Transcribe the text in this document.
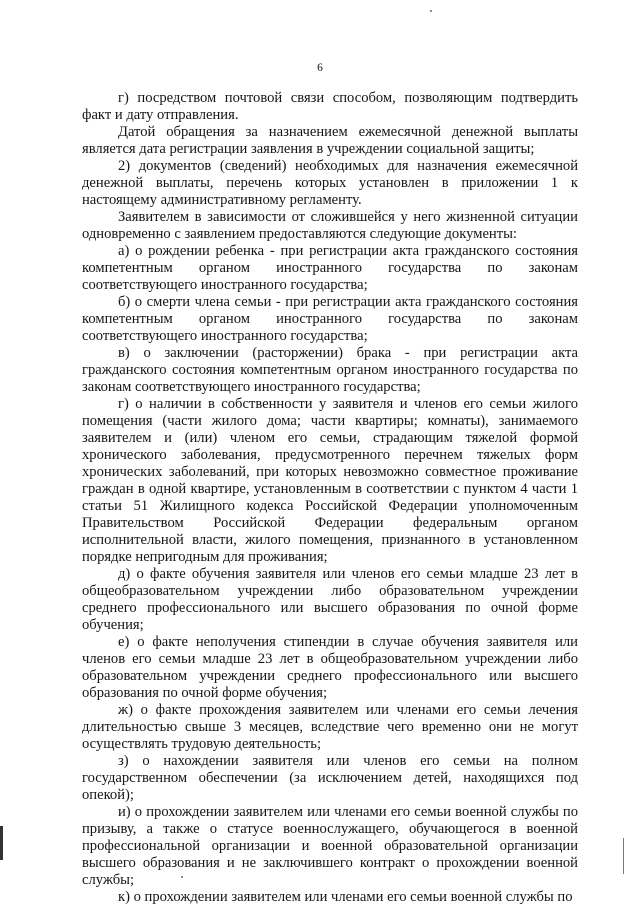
6

г) посредством почтовой связи способом, позволяющим подтвердить факт и дату отправления.

Датой обращения за назначением ежемесячной денежной выплаты является дата регистрации заявления в учреждении социальной защиты;

2) документов (сведений) необходимых для назначения ежемесячной денежной выплаты, перечень которых установлен в приложении 1 к настоящему административному регламенту.

Заявителем в зависимости от сложившейся у него жизненной ситуации одновременно с заявлением предоставляются следующие документы:

а) о рождении ребенка - при регистрации акта гражданского состояния компетентным органом иностранного государства по законам соответствующего иностранного государства;

б) о смерти члена семьи - при регистрации акта гражданского состояния компетентным органом иностранного государства по законам соответствующего иностранного государства;

в) о заключении (расторжении) брака - при регистрации акта гражданского состояния компетентным органом иностранного государства по законам соответствующего иностранного государства;

г) о наличии в собственности у заявителя и членов его семьи жилого помещения (части жилого дома; части квартиры; комнаты), занимаемого заявителем и (или) членом его семьи, страдающим тяжелой формой хронического заболевания, предусмотренного перечнем тяжелых форм хронических заболеваний, при которых невозможно совместное проживание граждан в одной квартире, установленным в соответствии с пунктом 4 части 1 статьи 51 Жилищного кодекса Российской Федерации уполномоченным Правительством Российской Федерации федеральным органом исполнительной власти, жилого помещения, признанного в установленном порядке непригодным для проживания;

д) о факте обучения заявителя или членов его семьи младше 23 лет в общеобразовательном учреждении либо образовательном учреждении среднего профессионального или высшего образования по очной форме обучения;

е) о факте неполучения стипендии в случае обучения заявителя или членов его семьи младше 23 лет в общеобразовательном учреждении либо образовательном учреждении среднего профессионального или высшего образования по очной форме обучения;

ж) о факте прохождения заявителем или членами его семьи лечения длительностью свыше 3 месяцев, вследствие чего временно они не могут осуществлять трудовую деятельность;

з) о нахождении заявителя или членов его семьи на полном государственном обеспечении (за исключением детей, находящихся под опекой);

и) о прохождении заявителем или членами его семьи военной службы по призыву, а также о статусе военнослужащего, обучающегося в военной профессиональной организации и военной образовательной организации высшего образования и не заключившего контракт о прохождении военной службы;

к) о прохождении заявителем или членами его семьи военной службы по
